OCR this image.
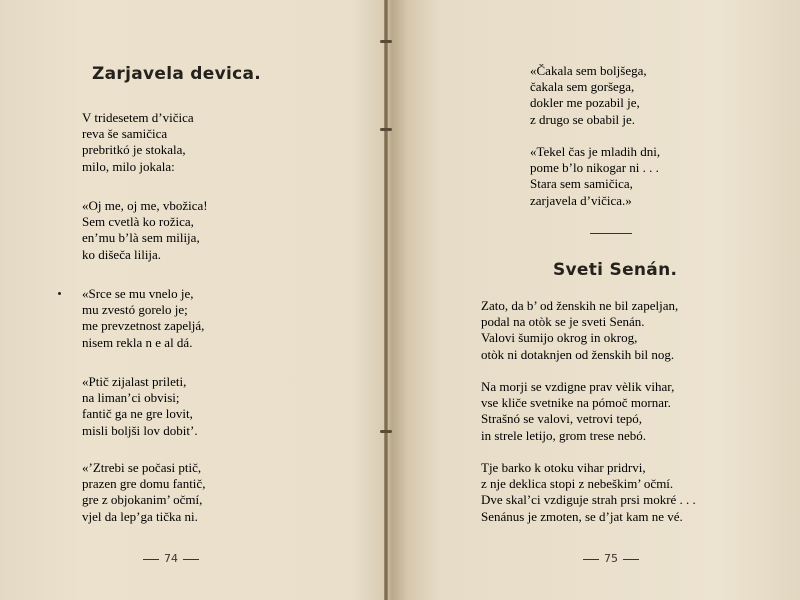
Zarjavela devica.
V tridesetem d’vičica
reva še samičica
prebritkó je stokala,
milo, milo jokala:
«Oj me, oj me, vbožica!
Sem cvetlà ko rožica,
en’mu b’là sem milija,
ko dišeča lilija.
«Srce se mu vnelo je,
mu zvestó gorelo je;
me prevzetnost zapeljá,
nisem rekla n e al dá.
«Ptič zijalast prileti,
na liman’ci obvisi;
fantič ga ne gre lovit,
misli boljši lov dobit’.
«’Ztrebi se počasi ptič,
prazen gre domu fantič,
gre z objokanim’ očmí,
vjel da lep’ga tička ni.
74
«Čakala sem boljšega,
čakala sem goršega,
dokler me pozabil je,
z drugo se obabil je.
«Tekel čas je mladih dni,
pome b’lo nikogar ni . . .
Stara sem samičica,
zarjavela d’vičica.»
Sveti Senán.
Zato, da b’ od ženskih ne bil zapeljan,
podal na otòk se je sveti Senán.
Valovi šumijo okrog in okrog,
otòk ni dotaknjen od ženskih bil nog.
Na morji se vzdigne prav vèlik vihar,
vse kliče svetnike na pómoč mornar.
Strašnó se valovi, vetrovi tepó,
in strele letijo, grom trese nebó.
Tje barko k otoku vihar pridrvi,
z nje deklica stopi z nebeškim’ očmí.
Dve skal’ci vzdiguje strah prsi mokré . . .
Senánus je zmoten, se d’jat kam ne vé.
75
